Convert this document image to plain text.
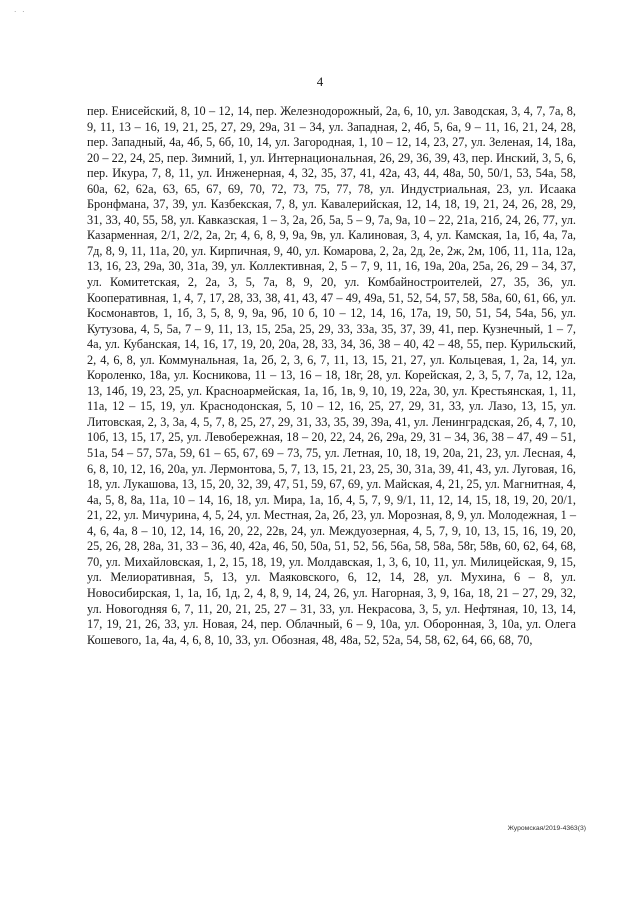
· ·
4

пер. Енисейский, 8, 10 – 12, 14, пер. Железнодорожный, 2а, 6, 10, ул. Заводская, 3, 4, 7, 7а, 8, 9, 11, 13 – 16, 19, 21, 25, 27, 29, 29а, 31 – 34, ул. Западная, 2, 4б, 5, 6а, 9 – 11, 16, 21, 24, 28, пер. Западный, 4а, 4б, 5, 6б, 10, 14, ул. Загородная, 1, 10 – 12, 14, 23, 27, ул. Зеленая, 14, 18а, 20 – 22, 24, 25, пер. Зимний, 1, ул. Интернациональная, 26, 29, 36, 39, 43, пер. Инский, 3, 5, 6, пер. Икура, 7, 8, 11, ул. Инженерная, 4, 32, 35, 37, 41, 42а, 43, 44, 48а, 50, 50/1, 53, 54а, 58, 60а, 62, 62а, 63, 65, 67, 69, 70, 72, 73, 75, 77, 78, ул. Индустриальная, 23, ул. Исаака Бронфмана, 37, 39, ул. Казбекская, 7, 8, ул. Кавалерийская, 12, 14, 18, 19, 21, 24, 26, 28, 29, 31, 33, 40, 55, 58, ул. Кавказская, 1 – 3, 2а, 2б, 5а, 5 – 9, 7а, 9а, 10 – 22, 21а, 21б, 24, 26, 77, ул. Казарменная, 2/1, 2/2, 2а, 2г, 4, 6, 8, 9, 9а, 9в, ул. Калиновая, 3, 4, ул. Камская, 1а, 1б, 4а, 7а, 7д, 8, 9, 11, 11а, 20, ул. Кирпичная, 9, 40, ул. Комарова, 2, 2а, 2д, 2е, 2ж, 2м, 10б, 11, 11а, 12а, 13, 16, 23, 29а, 30, 31а, 39, ул. Коллективная, 2, 5 – 7, 9, 11, 16, 19а, 20а, 25а, 26, 29 – 34, 37, ул. Комитетская, 2, 2а, 3, 5, 7а, 8, 9, 20, ул. Комбайностроителей, 27, 35, 36, ул. Кооперативная, 1, 4, 7, 17, 28, 33, 38, 41, 43, 47 – 49, 49а, 51, 52, 54, 57, 58, 58а, 60, 61, 66, ул. Космонавтов, 1, 1б, 3, 5, 8, 9, 9а, 9б, 10 б, 10 – 12, 14, 16, 17а, 19, 50, 51, 54, 54а, 56, ул. Кутузова, 4, 5, 5а, 7 – 9, 11, 13, 15, 25а, 25, 29, 33, 33а, 35, 37, 39, 41, пер. Кузнечный, 1 – 7, 4а, ул. Кубанская, 14, 16, 17, 19, 20, 20а, 28, 33, 34, 36, 38 – 40, 42 – 48, 55, пер. Курильский, 2, 4, 6, 8, ул. Коммунальная, 1а, 2б, 2, 3, 6, 7, 11, 13, 15, 21, 27, ул. Кольцевая, 1, 2а, 14, ул. Короленко, 18а, ул. Косникова, 11 – 13, 16 – 18, 18г, 28, ул. Корейская, 2, 3, 5, 7, 7а, 12, 12а, 13, 14б, 19, 23, 25, ул. Красноармейская, 1а, 1б, 1в, 9, 10, 19, 22а, 30, ул. Крестьянская, 1, 11, 11а, 12 – 15, 19, ул. Краснодонская, 5, 10 – 12, 16, 25, 27, 29, 31, 33, ул. Лазо, 13, 15, ул. Литовская, 2, 3, 3а, 4, 5, 7, 8, 25, 27, 29, 31, 33, 35, 39, 39а, 41, ул. Ленинградская, 2б, 4, 7, 10, 10б, 13, 15, 17, 25, ул. Левобережная, 18 – 20, 22, 24, 26, 29а, 29, 31 – 34, 36, 38 – 47, 49 – 51, 51а, 54 – 57, 57а, 59, 61 – 65, 67, 69 – 73, 75, ул. Летная, 10, 18, 19, 20а, 21, 23, ул. Лесная, 4, 6, 8, 10, 12, 16, 20а, ул. Лермонтова, 5, 7, 13, 15, 21, 23, 25, 30, 31а, 39, 41, 43, ул. Луговая, 16, 18, ул. Лукашова, 13, 15, 20, 32, 39, 47, 51, 59, 67, 69, ул. Майская, 4, 21, 25, ул. Магнитная, 4, 4а, 5, 8, 8а, 11а, 10 – 14, 16, 18, ул. Мира, 1а, 1б, 4, 5, 7, 9, 9/1, 11, 12, 14, 15, 18, 19, 20, 20/1, 21, 22, ул. Мичурина, 4, 5, 24, ул. Местная, 2а, 2б, 23, ул. Морозная, 8, 9, ул. Молодежная, 1 – 4, 6, 4а, 8 – 10, 12, 14, 16, 20, 22, 22в, 24, ул. Междуозерная, 4, 5, 7, 9, 10, 13, 15, 16, 19, 20, 25, 26, 28, 28а, 31, 33 – 36, 40, 42а, 46, 50, 50а, 51, 52, 56, 56а, 58, 58а, 58г, 58в, 60, 62, 64, 68, 70, ул. Михайловская, 1, 2, 15, 18, 19, ул. Молдавская, 1, 3, 6, 10, 11, ул. Милицейская, 9, 15, ул. Мелиоративная, 5, 13, ул. Маяковского, 6, 12, 14, 28, ул. Мухина, 6 – 8, ул. Новосибирская, 1, 1а, 1б, 1д, 2, 4, 8, 9, 14, 24, 26, ул. Нагорная, 3, 9, 16а, 18, 21 – 27, 29, 32, ул. Новогодняя 6, 7, 11, 20, 21, 25, 27 – 31, 33, ул. Некрасова, 3, 5, ул. Нефтяная, 10, 13, 14, 17, 19, 21, 26, 33, ул. Новая, 24, пер. Облачный, 6 – 9, 10а, ул. Оборонная, 3, 10а, ул. Олега Кошевого, 1а, 4а, 4, 6, 8, 10, 33, ул. Обозная, 48, 48а, 52, 52а, 54, 58, 62, 64, 66, 68, 70,

Журомская/2019-4363(3)
